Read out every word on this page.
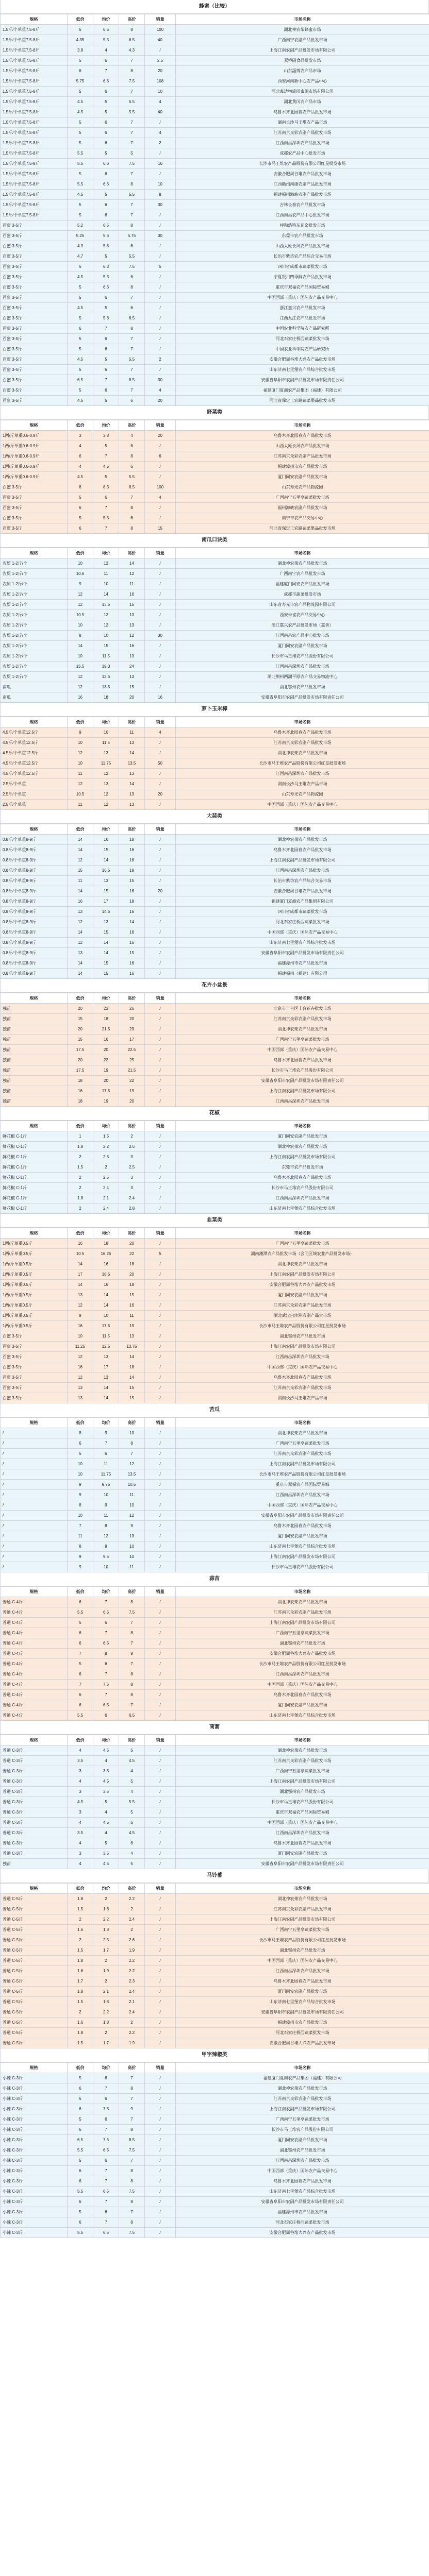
蜂蜜（比较）
规格	低价	均价	高价	销量	市场名称
1.5斤/个单重7.5-8斤	5	6.5	8	100	湖北神农架蜂蜜市场
1.5斤/个单重7.5-8斤	4.35	5.3	6.5	40	广西南宁农副产品批发市场
1.5斤/个单重7.5-8斤	3.8	4	4.3	/	上海江南农副产品批发市场有限公司
1.5斤/个单重7.5-8斤	5	6	7	2.5	双桥副食品批发市场
1.5斤/个单重7.5-8斤	6	7	8	20	山东淄博农产品市场
1.5斤/个单重7.5-8斤	5.75	6.6	7.5	108	西安河南新中心农产品中心
1.5斤/个单重7.5-8斤	5	6	7	10	河北鑫达物流园蜜源市场有限公司
1.5斤/个单重7.5-8斤	4.5	5	5.5	4	湖北黄冈农产品市场
1.5斤/个单重7.5-8斤	4.5	5	5.5	40	乌鲁木齐北园春农产品批发市场
1.5斤/个单重7.5-8斤	5	6	7	/	湖南长沙马王堆农产品市场
1.5斤/个单重7.5-8斤	5	6	7	4	江苏南京众彩农副产品批发市场
1.5斤/个单重7.5-8斤	5	6	7	2	江西南昌深圳农产品批发市场
1.5斤/个单重7.5-8斤	5.5	5	5	/	成都农产品中心批发市场
1.5斤/个单重7.5-8斤	5.5	6.6	7.5	16	长沙市马王堆农产品股份有限公司红星批发市场
1.5斤/个单重7.5-8斤	5	6	7	/	安徽合肥周谷堆农产品批发市场
1.5斤/个单重7.5-8斤	5.5	6.6	8	10	江西赣州南康农副产品批发市场
1.5斤/个单重7.5-8斤	4.5	5	5.5	8	福建福州海峡农副产品批发市场
1.5斤/个单重7.5-8斤	5	6	7	30	吉林长春农产品批发市场
1.5斤/个单重7.5-8斤	5	6	7	/	江西南昌农产品中心批发市场
百蜜 3-5斤	5.2	6.5	8	/	呼和浩特东瓦窑批发市场
百蜜 3-5斤	5.25	5.6	5.75	30	东莞市农产品批发市场
百蜜 3-5斤	4.9	5.6	6	/	山西太原长风农产品批发市场
百蜜 3-5斤	4.7	5	5.5	/	长治市紫坊农产品综合交易市场
百蜜 3-5斤	5	6.3	7.5	5	四川省成都市蔬菜批发市场
百蜜 3-5斤	4.5	5.3	6	/	宁夏银川四季鲜农产品批发市场
百蜜 3-5斤	5	6.6	8	/	重庆市双福农产品国际贸易城
百蜜 3-5斤	5	6	7	/	中国西部（重庆）国际农产品交易中心
百蜜 3-5斤	4.5	5	6	/	浙江嘉兴农产品批发市场
百蜜 3-5斤	5	5.8	6.5	/	江西九江农产品批发市场
百蜜 3-5斤	6	7	8	/	中国农业科学院农产品研究所
百蜜 3-5斤	5	6	7	/	河北石家庄桥西蔬菜批发市场
百蜜 3-5斤	5	6	7	/	中国农业科学院农产品研究所
百蜜 3-5斤	4.5	5	5.5	2	安徽合肥周谷堆大兴农产品批发市场
百蜜 3-5斤	5	6	7	/	山东济南七里堡农产品综合批发市场
百蜜 3-5斤	6.5	7	8.5	30	安徽省阜阳市农副产品批发市场有限责任公司
百蜜 3-5斤	5	6	7	4	福建厦门夏商农产品集团（福建）有限公司
百蜜 3-5斤	4.5	5	6	20	河北省保定工农路蔬菜果品批发市场
野菜类
规格	低价	均价	高价	销量	市场名称
1两/斤单重0.6-0.9斤	3	3.8	4	20	乌鲁木齐北园春农产品批发市场
1两/斤单重0.6-0.9斤	4	5	6	/	山西太原长风农产品批发市场
1两/斤单重0.6-0.9斤	6	7	8	6	江苏南京众彩农副产品批发市场
1两/斤单重0.6-0.9斤	4	4.5	5	/	福建漳州市农产品批发市场
1两/斤单重0.6-0.9斤	4.5	5	5.5	/	厦门同安农副产品批发市场
百蜜 3-5斤	8	8.3	8.5	100	山东寿光农产品物流园
百蜜 3-5斤	5	6	7	4	广西南宁五里亭蔬菜批发市场
百蜜 3-5斤	6	7	8	/	福州海峡农副产品批发市场
百蜜 3-5斤	5	5.5	6	/	南宁市农产品交易中心
百蜜 3-5斤	6	7	8	15	河北省保定工农路蔬菜果品批发市场
南瓜口诀类
规格	低价	均价	高价	销量	市场名称
农贸 1-2斤/个	10	12	14	/	湖北神农架农产品批发市场
农贸 1-2斤/个	10.6	11	12	/	广西南宁农产品批发市场
农贸 1-2斤/个	9	10	11	/	福建厦门同安农产品批发市场
农贸 1-2斤/个	12	14	16	/	成都市蔬菜批发市场
农贸 1-2斤/个	12	13.5	15	/	山东省寿光市农产品物流园有限公司
农贸 1-2斤/个	10.5	12	13	/	西安朱雀农产品交易中心
农贸 1-2斤/个	10	12	13	/	浙江嘉兴农产品批发市场（嘉善）
农贸 1-2斤/个	8	10	12	30	江西南昌农产品中心批发市场
农贸 1-2斤/个	14	15	16	/	厦门同安农副产品批发市场
农贸 1-2斤/个	10	11.5	13	/	长沙市马王堆农产品股份有限公司
农贸 1-2斤/个	15.5	19.3	24	/	江西南昌深圳农产品批发市场
农贸 1-2斤/个	12	12.5	13	/	湖北荆州两湖平原农产品交易物流中心
南瓜	12	13.5	15	/	湖北鄂州农产品批发市场
南瓜	16	18	20	16	安徽省阜阳市农副产品批发市场有限责任公司
萝卜玉米棒
规格	低价	均价	高价	销量	市场名称
4.5斤/个单重12.5斤	9	10	11	4	乌鲁木齐北园春农产品批发市场
4.5斤/个单重12.5斤	10	11.5	13	/	江苏南京众彩农副产品批发市场
4.5斤/个单重12.5斤	12	13	14	/	湖北神农架农产品批发市场
4.5斤/个单重12.5斤	10	11.75	13.5	50	长沙市马王堆农产品股份有限公司红星批发市场
4.5斤/个单重12.5斤	11	12	13	/	江西南昌深圳农产品批发市场
2.5斤/个单重	12	13	14	/	湖南长沙马王堆农产品市场
2.5斤/个单重	10.5	12	13	20	山东寿光农产品物流园
2.5斤/个单重	11	12	13	/	中国西部（重庆）国际农产品交易中心
大蒜类
规格	低价	均价	高价	销量	市场名称
0.8斤/个单重8-9斤	14	16	18	/	湖北神农架农产品批发市场
0.8斤/个单重8-9斤	14	15	16	/	乌鲁木齐北园春农产品批发市场
0.8斤/个单重8-9斤	12	14	16	/	上海江南农副产品批发市场有限公司
0.8斤/个单重8-9斤	15	16.5	18	/	江西南昌深圳农产品批发市场
0.8斤/个单重8-9斤	11	13	15	/	长治市紫坊农产品综合交易市场
0.8斤/个单重8-9斤	14	15	16	20	安徽合肥周谷堆农产品批发市场
0.8斤/个单重8-9斤	16	17	18	/	福建厦门夏商农产品集团有限公司
0.8斤/个单重8-9斤	13	14.5	16	/	四川省成都市蔬菜批发市场
0.8斤/个单重8-9斤	12	13	14	/	河北石家庄桥西蔬菜批发市场
0.8斤/个单重8-9斤	14	15	16	/	中国西部（重庆）国际农产品交易中心
0.8斤/个单重8-9斤	12	14	16	/	山东济南七里堡农产品综合批发市场
0.8斤/个单重8-9斤	13	14	15	/	安徽省阜阳市农副产品批发市场有限责任公司
0.8斤/个单重8-9斤	14	15	16	/	福建漳州市农产品批发市场
0.8斤/个单重8-9斤	14	15	16	/	福建福州（福建）有限公司
花卉小盆景
规格	低价	均价	高价	销量	市场名称
独苗	20	23	26	/	北京市丰台区丰台花卉批发市场
独苗	15	18	20	/	江苏南京众彩农副产品批发市场
独苗	20	21.5	23	/	湖北神农架农产品批发市场
独苗	15	16	17	/	广西南宁五里亭蔬菜批发市场
独苗	17.5	20	22.5	/	中国西部（重庆）国际农产品交易中心
独苗	20	22	25	/	乌鲁木齐北园春农产品批发市场
独苗	17.5	19	21.5	/	长沙市马王堆农产品股份有限公司
独苗	18	20	22	/	安徽省阜阳市农副产品批发市场有限责任公司
独苗	16	17.5	19	/	上海江南农副产品批发市场有限公司
独苗	18	19	20	/	江西南昌深圳农产品批发市场
花椒
规格	低价	均价	高价	销量	市场名称
鲜花椒 C-1斤	1	1.5	2	/	厦门同安农副产品批发市场
鲜花椒 C-1斤	1.8	2.2	2.6	/	湖北神农架农产品批发市场
鲜花椒 C-1斤	2	2.5	3	/	上海江南农副产品批发市场有限公司
鲜花椒 C-1斤	1.5	2	2.5	/	东莞市农产品批发市场
鲜花椒 C-1斤	2	2.5	3	/	乌鲁木齐北园春农产品批发市场
鲜花椒 C-1斤	2	2.4	3	/	长沙市马王堆农产品股份有限公司
鲜花椒 C-1斤	1.8	2.1	2.4	/	江西南昌深圳农产品批发市场
鲜花椒 C-1斤	2	2.4	2.8	/	山东济南七里堡农产品综合批发市场
韭菜类
规格	低价	均价	高价	销量	市场名称
1两/斤单重0.5斤	16	18	20	/	广西南宁五里亭蔬菜批发市场
1两/斤单重0.5斤	10.5	16.25	22	5	湖南湘潭农产品批发市场（会同区域农业产品批发市场）
1两/斤单重0.5斤	14	16	18	/	湖北神农架农产品批发市场
1两/斤单重0.5斤	17	18.5	20	/	上海江南农副产品批发市场有限公司
1两/斤单重0.5斤	14	16	18	/	安徽合肥周谷堆大兴农产品批发市场
1两/斤单重0.5斤	13	14	15	/	厦门同安农副产品批发市场
1两/斤单重0.5斤	12	14	16	/	江苏南京众彩农副产品批发市场
1两/斤单重0.5斤	9	10	11	/	湖北武汉白沙洲农副产品大市场
1两/斤单重0.5斤	16	17.5	19	/	长沙市马王堆农产品股份有限公司红星批发市场
百蜜 3-5斤	10	11.5	13	/	湖北鄂州农产品批发市场
百蜜 3-5斤	11.25	12.5	13.75	/	上海江南农副产品批发市场有限公司
百蜜 3-5斤	12	13	14	/	江西南昌深圳农产品批发市场
百蜜 3-5斤	16	17	18	/	中国西部（重庆）国际农产品交易中心
百蜜 3-5斤	12	13	14	/	乌鲁木齐北园春农产品批发市场
百蜜 3-5斤	13	14	15	/	江苏南京众彩农副产品批发市场
百蜜 3-5斤	13	14	15	/	湖南长沙马王堆农产品市场
苦瓜
规格	低价	均价	高价	销量	市场名称
/	8	9	10	/	湖北神农架农产品批发市场
/	6	7	8	/	广西南宁五里亭蔬菜批发市场
/	5	6	7	/	江苏南京众彩农副产品批发市场
/	10	11	12	/	上海江南农副产品批发市场有限公司
/	10	11.75	13.5	/	长沙市马王堆农产品股份有限公司红星批发市场
/	9	9.75	10.5	/	重庆市双福农产品国际贸易城
/	9	10	11	/	江西南昌深圳农产品批发市场
/	8	9	10	/	中国西部（重庆）国际农产品交易中心
/	10	11	12	/	安徽省阜阳市农副产品批发市场有限责任公司
/	7	8	9	/	乌鲁木齐北园春农产品批发市场
/	11	12	13	/	厦门同安农副产品批发市场
/	8	9	10	/	山东济南七里堡农产品综合批发市场
/	9	9.5	10	/	上海江南农副产品批发市场有限公司
/	9	10	11	/	长沙市马王堆农产品股份有限公司
蒜苗
规格	低价	均价	高价	销量	市场名称
普通 C-4斤	6	7	8	/	湖北神农架农产品批发市场
普通 C-4斤	5.5	6.5	7.5	/	江苏南京众彩农副产品批发市场
普通 C-4斤	5	6	7	/	上海江南农副产品批发市场有限公司
普通 C-4斤	6	7	8	/	广西南宁五里亭蔬菜批发市场
普通 C-4斤	6	6.5	7	/	湖北鄂州农产品批发市场
普通 C-4斤	7	8	9	/	安徽合肥周谷堆大兴农产品批发市场
普通 C-4斤	5	6	7	/	长沙市马王堆农产品股份有限公司红星批发市场
普通 C-4斤	6	7	8	/	江西南昌深圳农产品批发市场
普通 C-4斤	7	7.5	8	/	中国西部（重庆）国际农产品交易中心
普通 C-4斤	6	7	8	/	乌鲁木齐北园春农产品批发市场
普通 C-4斤	6	6.5	7	/	厦门同安农副产品批发市场
普通 C-4斤	5.5	6	6.5	/	山东济南七里堡农产品综合批发市场
茼蒿
规格	低价	均价	高价	销量	市场名称
普通 C-3斤	4	4.5	5	/	湖北神农架农产品批发市场
普通 C-3斤	3.5	4	4.5	/	江苏南京众彩农副产品批发市场
普通 C-3斤	3	3.5	4	/	广西南宁五里亭蔬菜批发市场
普通 C-3斤	4	4.5	5	/	上海江南农副产品批发市场有限公司
普通 C-3斤	3	3.5	4	/	湖北鄂州农产品批发市场
普通 C-3斤	4.5	5	5.5	/	长沙市马王堆农产品股份有限公司
普通 C-3斤	3	4	5	/	重庆市双福农产品国际贸易城
普通 C-3斤	4	4.5	5	/	中国西部（重庆）国际农产品交易中心
普通 C-3斤	3.5	4	4.5	/	江西南昌深圳农产品批发市场
普通 C-3斤	4	5	6	/	乌鲁木齐北园春农产品批发市场
普通 C-3斤	3	3.5	4	/	厦门同安农副产品批发市场
独苗	4	4.5	5	/	安徽省阜阳市农副产品批发市场有限责任公司
马铃薯
规格	低价	均价	高价	销量	市场名称
普通 C-5斤	1.8	2	2.2	/	湖北神农架农产品批发市场
普通 C-5斤	1.5	1.8	2	/	江苏南京众彩农副产品批发市场
普通 C-5斤	2	2.2	2.4	/	上海江南农副产品批发市场有限公司
普通 C-5斤	1.6	1.8	2	/	广西南宁五里亭蔬菜批发市场
普通 C-5斤	2	2.3	2.6	/	长沙市马王堆农产品股份有限公司红星批发市场
普通 C-5斤	1.5	1.7	1.9	/	湖北鄂州农产品批发市场
普通 C-5斤	1.8	2	2.2	/	中国西部（重庆）国际农产品交易中心
普通 C-5斤	1.6	1.9	2.2	/	江西南昌深圳农产品批发市场
普通 C-5斤	1.7	2	2.3	/	乌鲁木齐北园春农产品批发市场
普通 C-5斤	1.8	2.1	2.4	/	厦门同安农副产品批发市场
普通 C-5斤	1.5	1.8	2.1	/	山东济南七里堡农产品综合批发市场
普通 C-5斤	2	2.2	2.4	/	安徽省阜阳市农副产品批发市场有限责任公司
普通 C-5斤	1.6	1.8	2	/	福建漳州市农产品批发市场
普通 C-5斤	1.8	2	2.2	/	河北石家庄桥西蔬菜批发市场
普通 C-5斤	1.5	1.7	1.9	/	安徽合肥周谷堆大兴农产品批发市场
甲字辣椒类
规格	低价	均价	高价	销量	市场名称
小辣 C-3斤	5	6	7	/	福建厦门夏商农产品集团（福建）有限公司
小辣 C-3斤	6	7	8	/	湖北神农架农产品批发市场
小辣 C-3斤	5	6	7	/	江苏南京众彩农副产品批发市场
小辣 C-3斤	6	7.5	9	/	上海江南农副产品批发市场有限公司
小辣 C-3斤	5	6	7	/	广西南宁五里亭蔬菜批发市场
小辣 C-3斤	6	7	8	/	长沙市马王堆农产品股份有限公司
小辣 C-3斤	6.5	7.5	8.5	/	厦门同安农副产品批发市场
小辣 C-3斤	5.5	6.5	7.5	/	湖北鄂州农产品批发市场
小辣 C-3斤	5	6	7	/	江西南昌深圳农产品批发市场
小辣 C-3斤	6	7	8	/	中国西部（重庆）国际农产品交易中心
小辣 C-3斤	6	7	8	/	乌鲁木齐北园春农产品批发市场
小辣 C-3斤	5.5	6.5	7.5	/	山东济南七里堡农产品综合批发市场
小辣 C-3斤	6	7	8	/	安徽省阜阳市农副产品批发市场有限责任公司
小辣 C-3斤	5	6	7	/	福建漳州市农产品批发市场
小辣 C-3斤	6	7	8	/	河北石家庄桥西蔬菜批发市场
小辣 C-3斤	5.5	6.5	7.5	/	安徽合肥周谷堆大兴农产品批发市场
